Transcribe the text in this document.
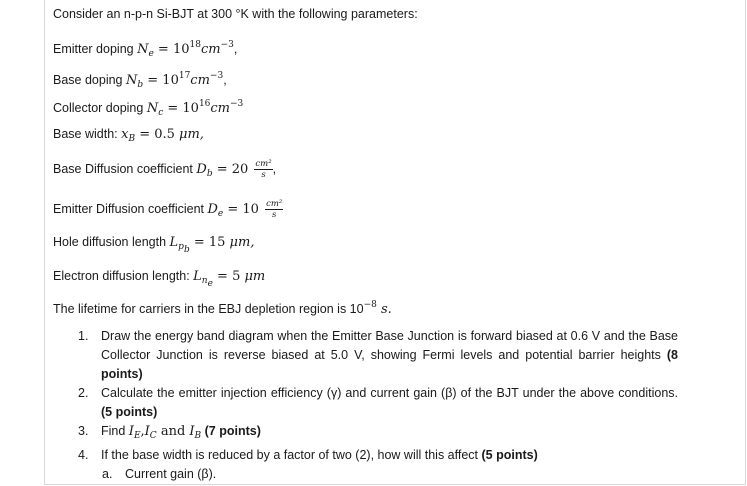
Consider an n-p-n Si-BJT at 300 °K with the following parameters:
Emitter doping $N_e = 10^{18}cm^{-3}$,
Base doping $N_b = 10^{17}cm^{-3}$,
Collector doping $N_c = 10^{16}cm^{-3}$
Base width: $x_B = 0.5$ μm,
Base Diffusion coefficient $D_b = 20 \frac{\text{cm²}}{s}$ ,
Emitter Diffusion coefficient $D_e = 10 \frac{\text{cm²}}{s}$
Hole diffusion length $L_{pb} = 15$ μm,
Electron diffusion length: $L_{ne} = 5$ μm
The lifetime for carriers in the EBJ depletion region is $10^{-8}$ s.
1. Draw the energy band diagram when the Emitter Base Junction is forward biased at 0.6 V and the Base Collector Junction is reverse biased at 5.0 V, showing Fermi levels and potential barrier heights (8 points)
2. Calculate the emitter injection efficiency (γ) and current gain (β) of the BJT under the above conditions. (5 points)
3. Find $I_E,I_C$ and $I_B$ (7 points)
4. If the base width is reduced by a factor of two (2), how will this affect (5 points)
a. Current gain (β).
